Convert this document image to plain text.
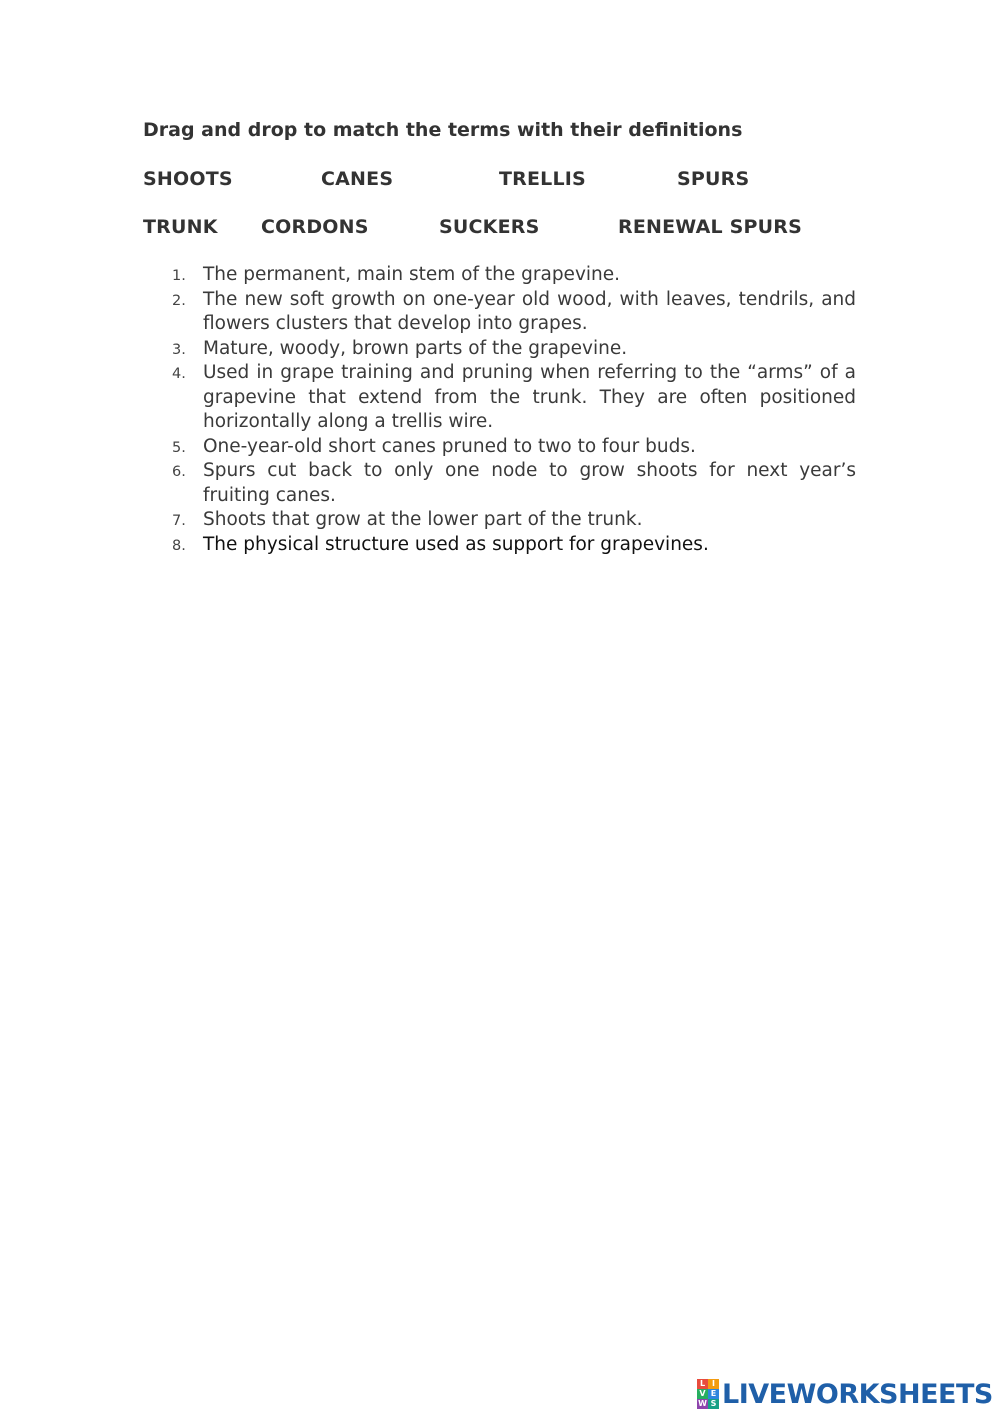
Drag and drop to match the terms with their definitions
SHOOTS	CANES	TRELLIS	SPURS
TRUNK CORDONS	SUCKERS	RENEWAL SPURS
1. The permanent, main stem of the grapevine.
2. The new soft growth on one-year old wood, with leaves, tendrils, and flowers clusters that develop into grapes.
3. Mature, woody, brown parts of the grapevine.
4. Used in grape training and pruning when referring to the “arms” of a grapevine that extend from the trunk. They are often positioned horizontally along a trellis wire.
5. One-year-old short canes pruned to two to four buds.
6. Spurs cut back to only one node to grow shoots for next year’s fruiting canes.
7. Shoots that grow at the lower part of the trunk.
8. The physical structure used as support for grapevines.
L I
V E
W S LIVEWORKSHEETS
